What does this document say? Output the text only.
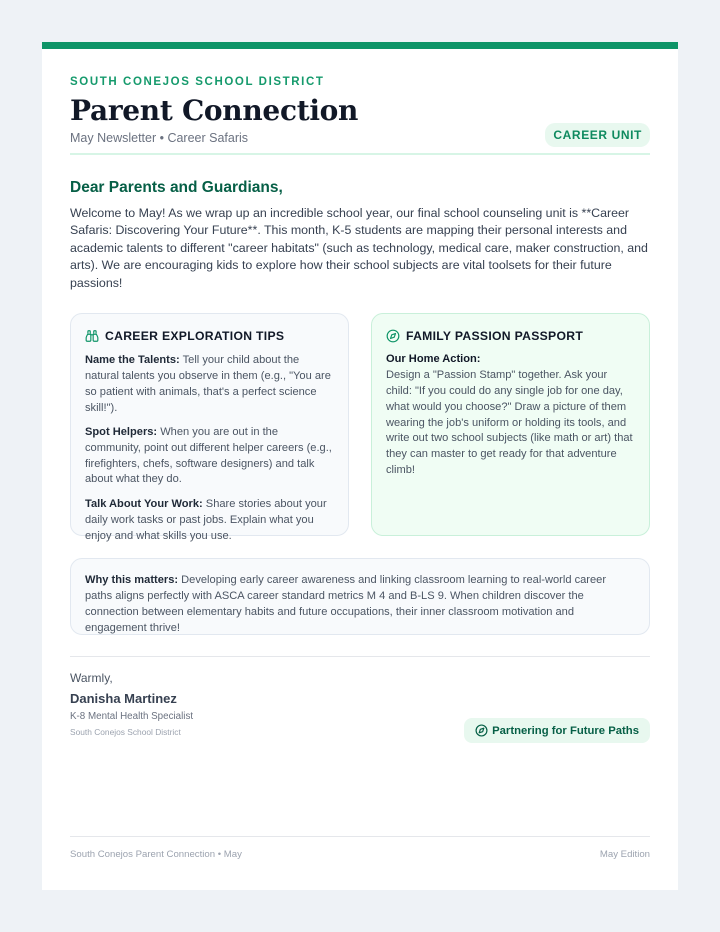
SOUTH CONEJOS SCHOOL DISTRICT
Parent Connection
May Newsletter • Career Safaris	CAREER UNIT
Dear Parents and Guardians,
Welcome to May! As we wrap up an incredible school year, our final school counseling unit is **Career Safaris: Discovering Your Future**. This month, K-5 students are mapping their personal interests and academic talents to different "career habitats" (such as technology, medical care, maker construction, and arts). We are encouraging kids to explore how their school subjects are vital toolsets for their future passions!
CAREER EXPLORATION TIPS
Name the Talents: Tell your child about the natural talents you observe in them (e.g., "You are so patient with animals, that's a perfect science skill!").
Spot Helpers: When you are out in the community, point out different helper careers (e.g., firefighters, chefs, software designers) and talk about what they do.
Talk About Your Work: Share stories about your daily work tasks or past jobs. Explain what you enjoy and what skills you use.
FAMILY PASSION PASSPORT
Our Home Action:
Design a "Passion Stamp" together. Ask your child: "If you could do any single job for one day, what would you choose?" Draw a picture of them wearing the job's uniform or holding its tools, and write out two school subjects (like math or art) that they can master to get ready for that adventure climb!
Why this matters: Developing early career awareness and linking classroom learning to real-world career paths aligns perfectly with ASCA career standard metrics M 4 and B-LS 9. When children discover the connection between elementary habits and future occupations, their inner classroom motivation and engagement thrive!
Warmly,
Danisha Martinez
K-8 Mental Health Specialist
South Conejos School District	Partnering for Future Paths
South Conejos Parent Connection • May	May Edition
